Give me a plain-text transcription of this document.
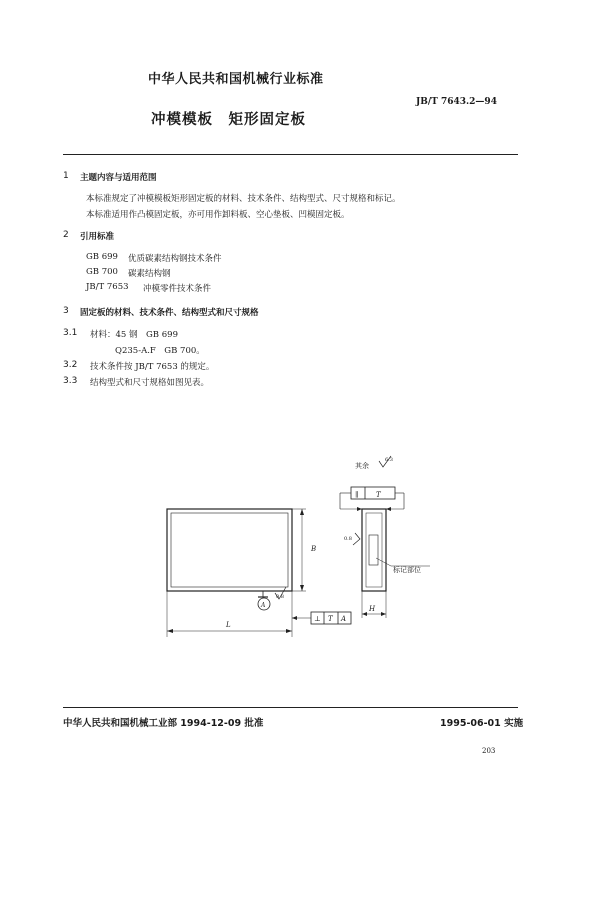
中华人民共和国机械行业标准
JB/T 7643.2—94
冲模模板　矩形固定板
1 主题内容与适用范围
本标准规定了冲模模板矩形固定板的材料、技术条件、结构型式、尺寸规格和标记。
本标准适用作凸模固定板，亦可用作卸料板、空心垫板、凹模固定板。
2 引用标准
GB 699 优质碳素结构钢技术条件
GB 700 碳素结构钢
JB/T 7653 冲模零件技术条件
3 固定板的材料、技术条件、结构型式和尺寸规格
3.1 材料：45 钢　GB 699
Q235-A.F　GB 700。
3.2 技术条件按 JB/T 7653 的规定。
3.3 结构型式和尺寸规格如图见表。
其余
6.3
∥	T
⊥ T A
A
L
B
H
0.8
0.8
标记部位
中华人民共和国机械工业部 1994-12-09 批准	1995-06-01 实施
203
